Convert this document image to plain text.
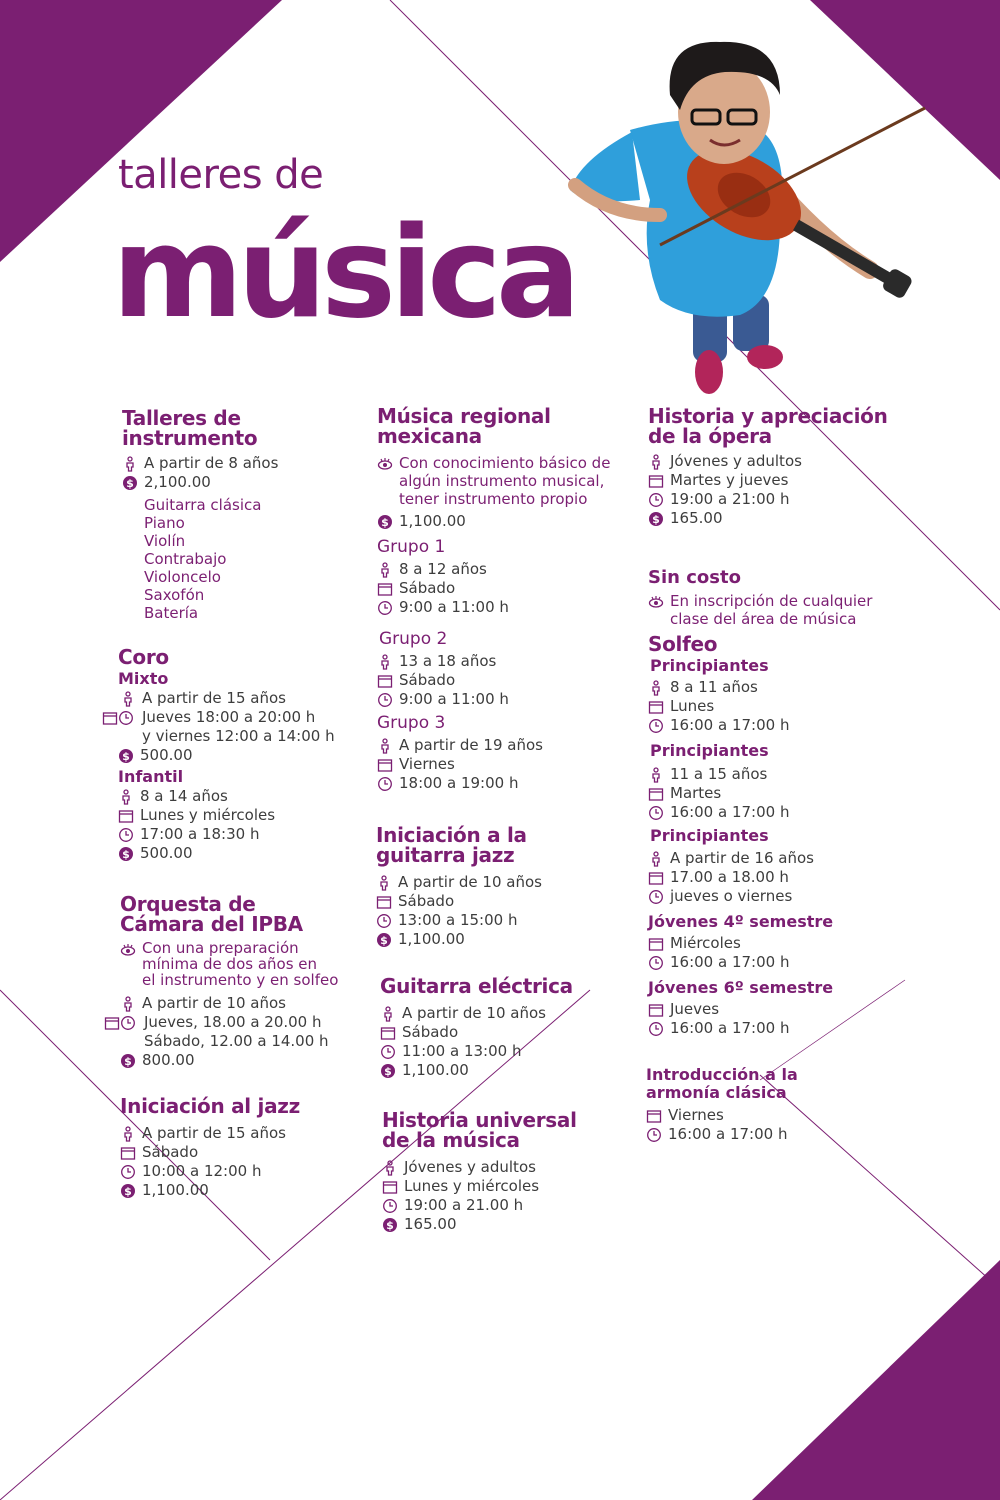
talleres de
música
Talleres de
instrumento
A partir de 8 años
$ 2,100.00
Guitarra clásica
Piano
Violín
Contrabajo
Violoncelo
Saxofón
Batería
Coro
Mixto
A partir de 15 años
Jueves 18:00 a 20:00 h
y viernes 12:00 a 14:00 h
$ 500.00
Infantil
8 a 14 años
Lunes y miércoles
17:00 a 18:30 h
$ 500.00
Orquesta de
Cámara del IPBA
Con una preparación
mínima de dos años en
el instrumento y en solfeo
A partir de 10 años
Jueves, 18.00 a 20.00 h
Sábado, 12.00 a 14.00 h
$ 800.00
Iniciación al jazz
A partir de 15 años
Sábado
10:00 a 12:00 h
$ 1,100.00
Música regional
mexicana
Con conocimiento básico de
algún instrumento musical,
tener instrumento propio
$ 1,100.00
Grupo 1
8 a 12 años
Sábado
9:00 a 11:00 h
Grupo 2
13 a 18 años
Sábado
9:00 a 11:00 h
Grupo 3
A partir de 19 años
Viernes
18:00 a 19:00 h
Iniciación a la
guitarra jazz
A partir de 10 años
Sábado
13:00 a 15:00 h
$ 1,100.00
Guitarra eléctrica
A partir de 10 años
Sábado
11:00 a 13:00 h
$ 1,100.00
Historia universal
de la música
Jóvenes y adultos
Lunes y miércoles
19:00 a 21.00 h
$ 165.00
Historia y apreciación
de la ópera
Jóvenes y adultos
Martes y jueves
19:00 a 21:00 h
$ 165.00
Sin costo
En inscripción de cualquier
clase del área de música
Solfeo
Principiantes
8 a 11 años
Lunes
16:00 a 17:00 h
Principiantes
11 a 15 años
Martes
16:00 a 17:00 h
Principiantes
A partir de 16 años
17.00 a 18.00 h
jueves o viernes
Jóvenes 4º semestre
Miércoles
16:00 a 17:00 h
Jóvenes 6º semestre
Jueves
16:00 a 17:00 h
Introducción a la
armonía clásica
Viernes
16:00 a 17:00 h
